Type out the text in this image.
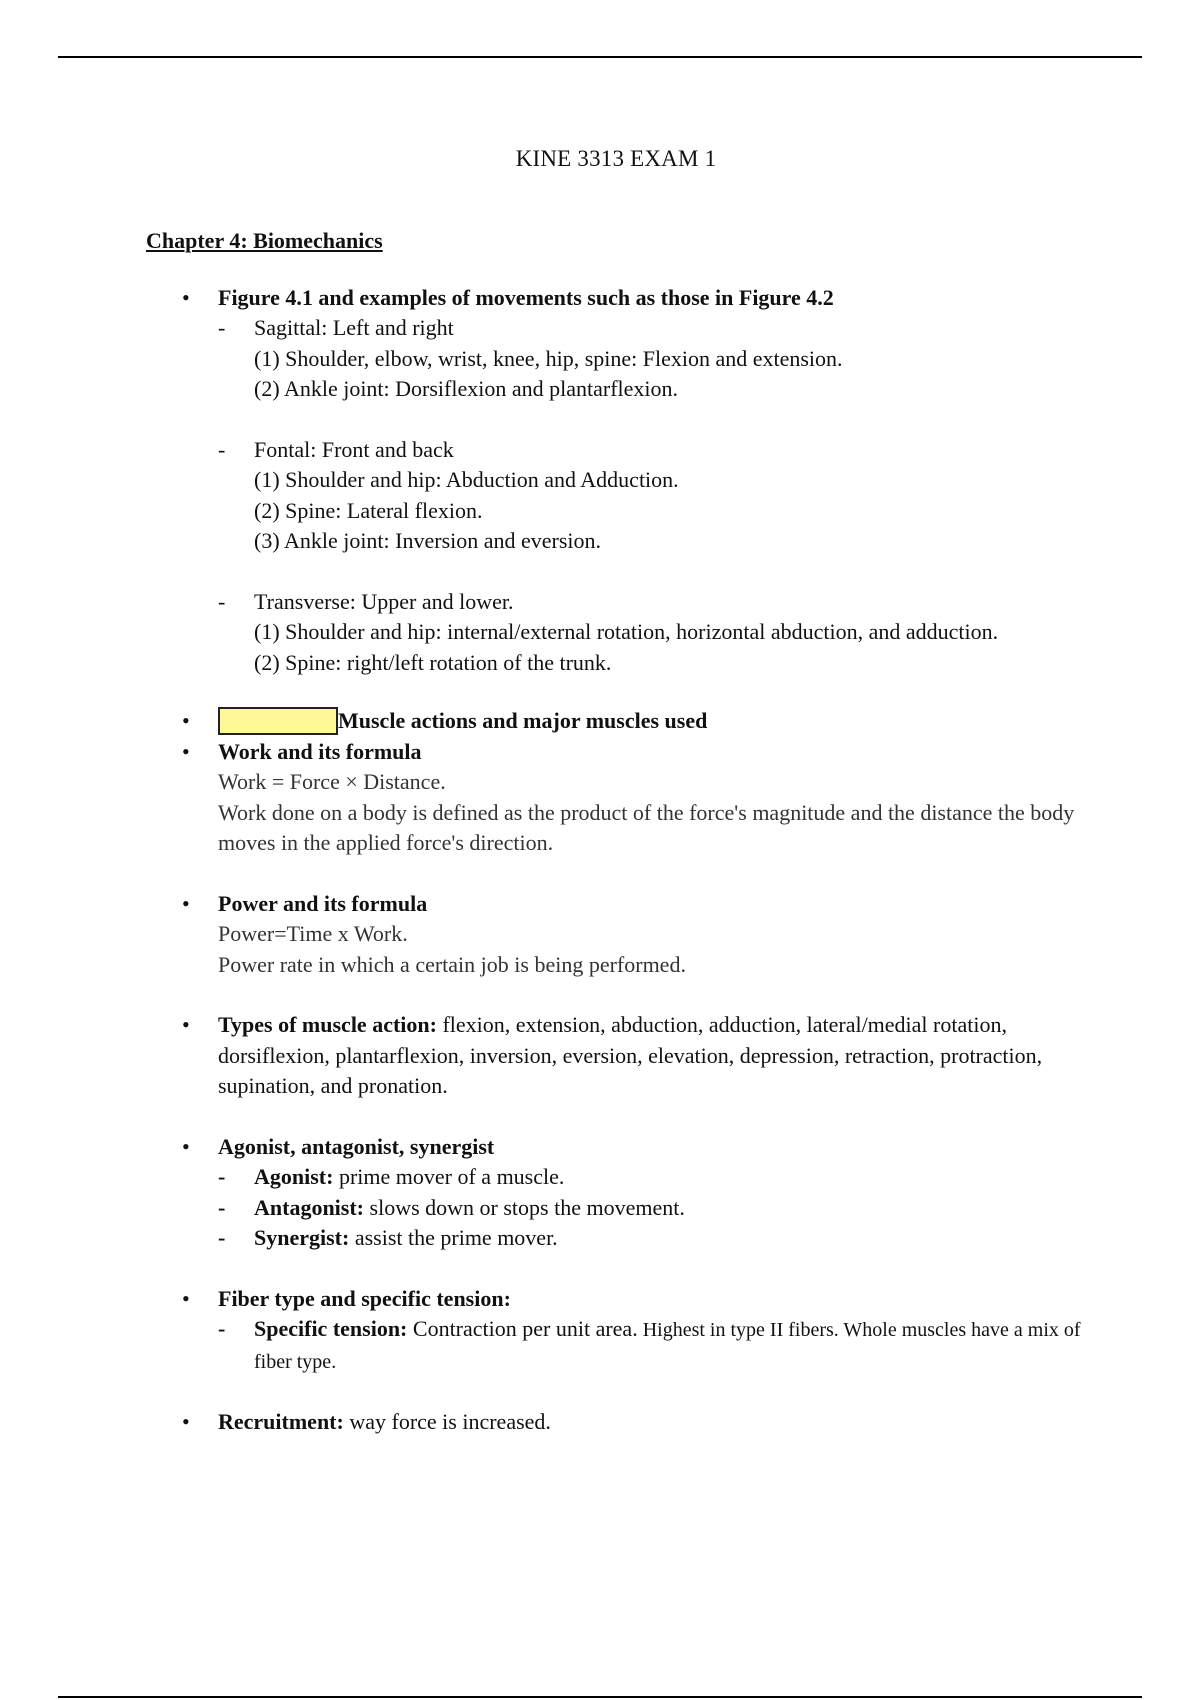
KINE 3313 EXAM 1
Chapter 4: Biomechanics
• Figure 4.1 and examples of movements such as those in Figure 4.2
- Sagittal: Left and right
(1) Shoulder, elbow, wrist, knee, hip, spine: Flexion and extension.
(2) Ankle joint: Dorsiflexion and plantarflexion.
- Fontal: Front and back
(1) Shoulder and hip: Abduction and Adduction.
(2) Spine: Lateral flexion.
(3) Ankle joint: Inversion and eversion.
- Transverse: Upper and lower.
(1) Shoulder and hip: internal/external rotation, horizontal abduction, and adduction.
(2) Spine: right/left rotation of the trunk.
•	Muscle actions and major muscles used
• Work and its formula
Work = Force × Distance.
Work done on a body is defined as the product of the force's magnitude and the distance the body moves in the applied force's direction.
• Power and its formula
Power=Time x Work.
Power rate in which a certain job is being performed.
• Types of muscle action: flexion, extension, abduction, adduction, lateral/medial rotation, dorsiflexion, plantarflexion, inversion, eversion, elevation, depression, retraction, protraction, supination, and pronation.
• Agonist, antagonist, synergist
- Agonist: prime mover of a muscle.
- Antagonist: slows down or stops the movement.
- Synergist: assist the prime mover.
• Fiber type and specific tension:
- Specific tension: Contraction per unit area. Highest in type II fibers. Whole muscles have a mix of fiber type.
• Recruitment: way force is increased.
